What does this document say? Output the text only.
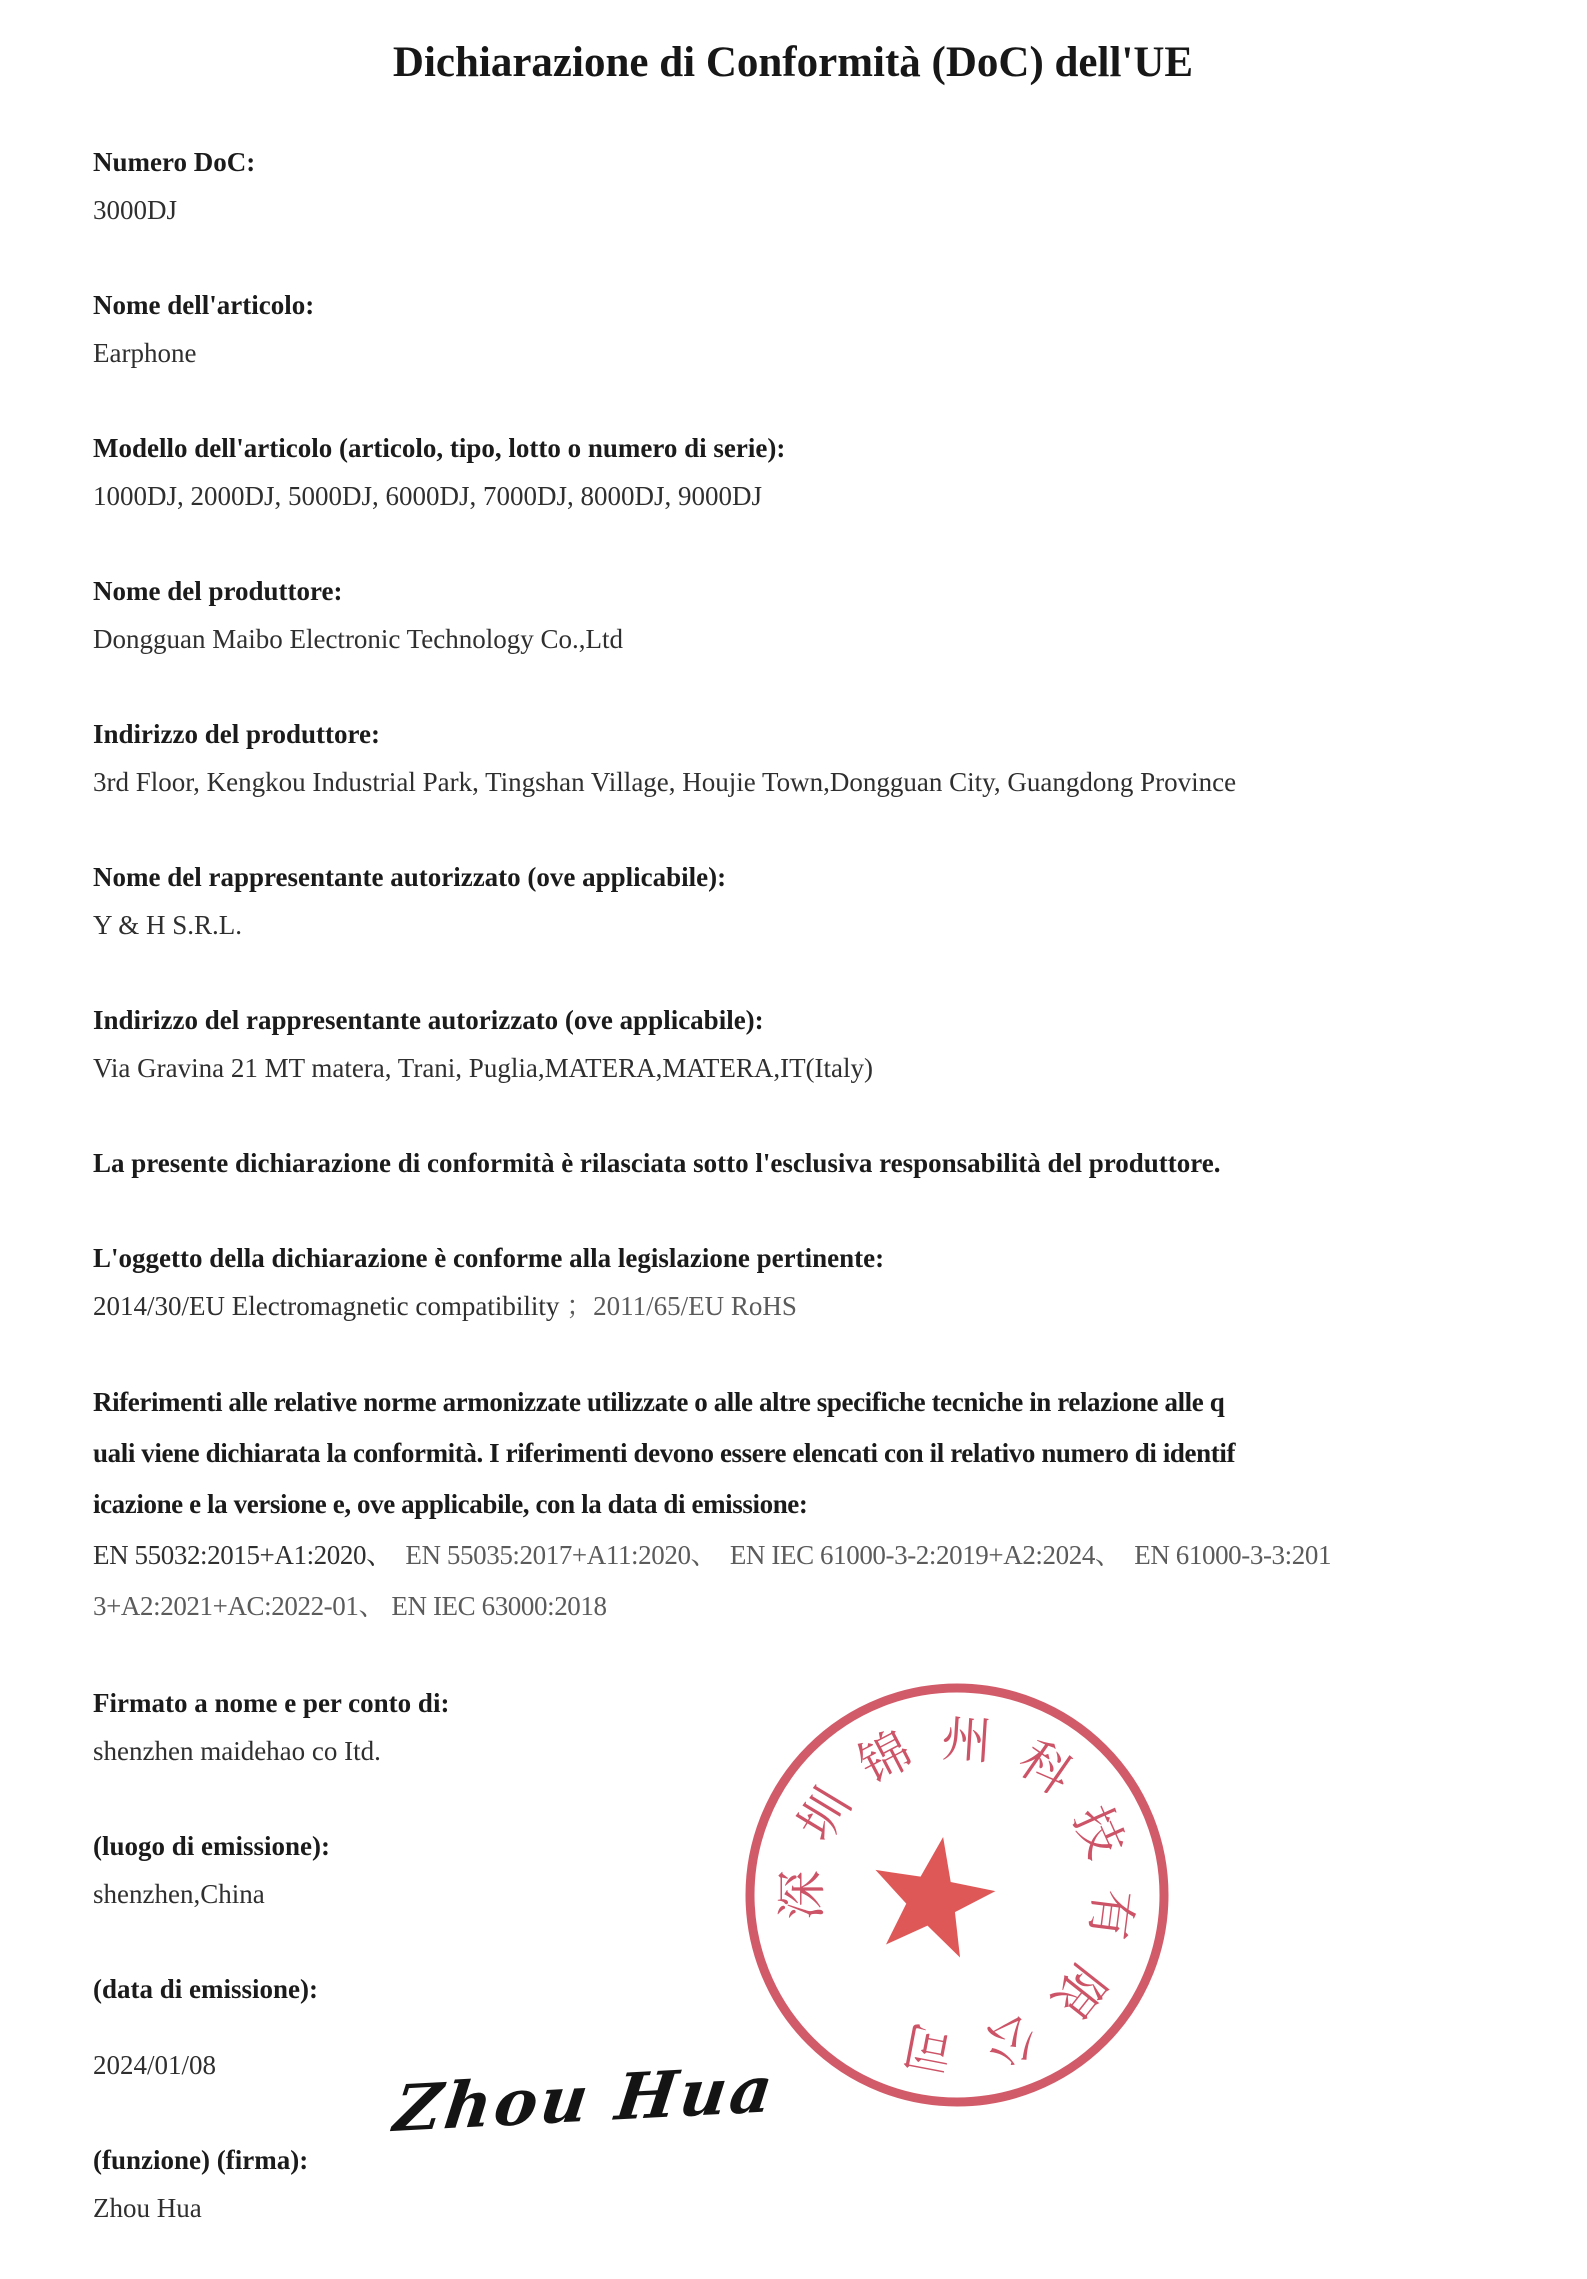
Dichiarazione di Conformità (DoC) dell'UE
Numero DoC:
3000DJ
Nome dell'articolo:
Earphone
Modello dell'articolo (articolo, tipo, lotto o numero di serie):
1000DJ, 2000DJ, 5000DJ, 6000DJ, 7000DJ, 8000DJ, 9000DJ
Nome del produttore:
Dongguan Maibo Electronic Technology Co.,Ltd
Indirizzo del produttore:
3rd Floor, Kengkou Industrial Park, Tingshan Village, Houjie Town,Dongguan City, Guangdong Province
Nome del rappresentante autorizzato (ove applicabile):
Y & H S.R.L.
Indirizzo del rappresentante autorizzato (ove applicabile):
Via Gravina 21 MT matera, Trani, Puglia,MATERA,MATERA,IT(Italy)
La presente dichiarazione di conformità è rilasciata sotto l'esclusiva responsabilità del produttore.
L'oggetto della dichiarazione è conforme alla legislazione pertinente:
2014/30/EU Electromagnetic compatibility ；2011/65/EU RoHS
Riferimenti alle relative norme armonizzate utilizzate o alle altre specifiche tecniche in relazione alle q
uali viene dichiarata la conformità. I riferimenti devono essere elencati con il relativo numero di identif
icazione e la versione e, ove applicabile, con la data di emissione:
EN 55032:2015+A1:2020、  EN 55035:2017+A11:2020、  EN IEC 61000-3-2:2019+A2:2024、  EN 61000-3-3:201
3+A2:2021+AC:2022-01、 EN IEC 63000:2018
Firmato a nome e per conto di:
shenzhen maidehao co Itd.
(luogo di emissione):
shenzhen,China
(data di emissione):
2024/01/08
(funzione) (firma):
Zhou Hua
Zhou Hua
深
圳
锦 州 科
技
有
限
公
司
